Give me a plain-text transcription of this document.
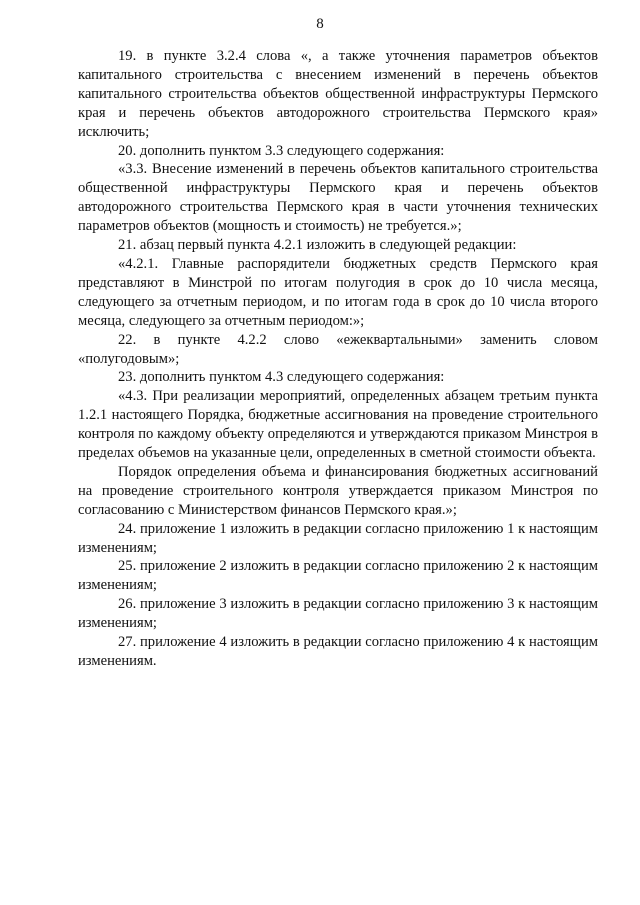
8

19. в пункте 3.2.4 слова «, а также уточнения параметров объектов капитального строительства с внесением изменений в перечень объектов капитального строительства объектов общественной инфраструктуры Пермского края и перечень объектов автодорожного строительства Пермского края» исключить;

20. дополнить пунктом 3.3 следующего содержания:

«3.3. Внесение изменений в перечень объектов капитального строительства общественной инфраструктуры Пермского края и перечень объектов автодорожного строительства Пермского края в части уточнения технических параметров объектов (мощность и стоимость) не требуется.»;

21. абзац первый пункта 4.2.1 изложить в следующей редакции:

«4.2.1. Главные распорядители бюджетных средств Пермского края представляют в Минстрой по итогам полугодия в срок до 10 числа месяца, следующего за отчетным периодом, и по итогам года в срок до 10 числа второго месяца, следующего за отчетным периодом:»;

22. в пункте 4.2.2 слово «ежеквартальными» заменить словом «полугодовым»;

23. дополнить пунктом 4.3 следующего содержания:

«4.3. При реализации мероприятий, определенных абзацем третьим пункта 1.2.1 настоящего Порядка, бюджетные ассигнования на проведение строительного контроля по каждому объекту определяются и утверждаются приказом Минстроя в пределах объемов на указанные цели, определенных в сметной стоимости объекта.

Порядок определения объема и финансирования бюджетных ассигнований на проведение строительного контроля утверждается приказом Минстроя по согласованию с Министерством финансов Пермского края.»;

24. приложение 1 изложить в редакции согласно приложению 1 к настоящим изменениям;

25. приложение 2 изложить в редакции согласно приложению 2 к настоящим изменениям;

26. приложение 3 изложить в редакции согласно приложению 3 к настоящим изменениям;

27. приложение 4 изложить в редакции согласно приложению 4 к настоящим изменениям.
